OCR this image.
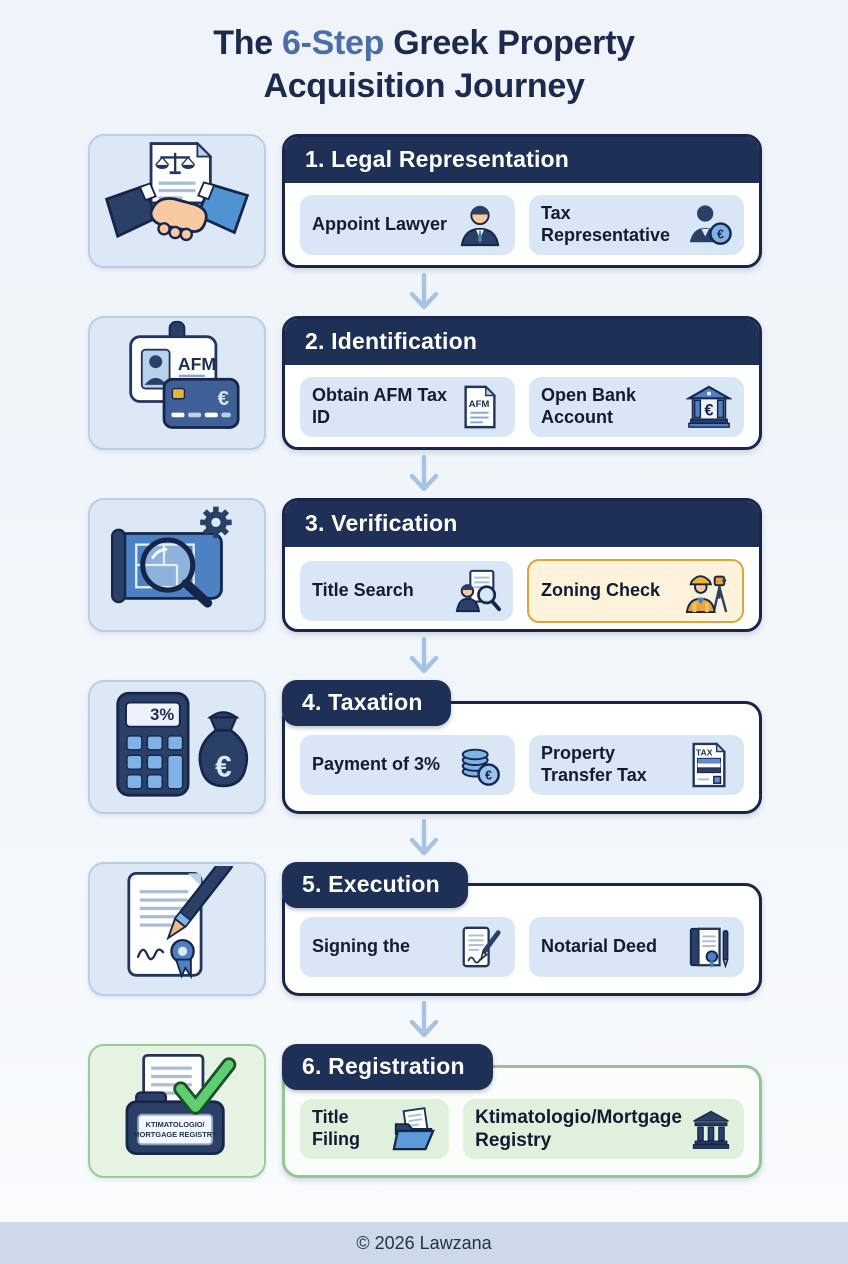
The 6-Step Greek Property Acquisition Journey
1. Legal Representation
Appoint Lawyer
Tax Representative	€
AFM
€
2. Identification
Obtain AFM Tax ID
AFM	Open Bank Account	€
3. Verification
Title Search	Zoning Check
3%
€
4. Taxation
Payment of 3%
€
Property Transfer Tax
TAX
5. Execution
Signing the	Notarial Deed
KTIMATOLOGIO/
MORTGAGE REGISTRY
6. Registration
Title Filing
Ktimatologio/Mortgage Registry
© 2026 Lawzana
